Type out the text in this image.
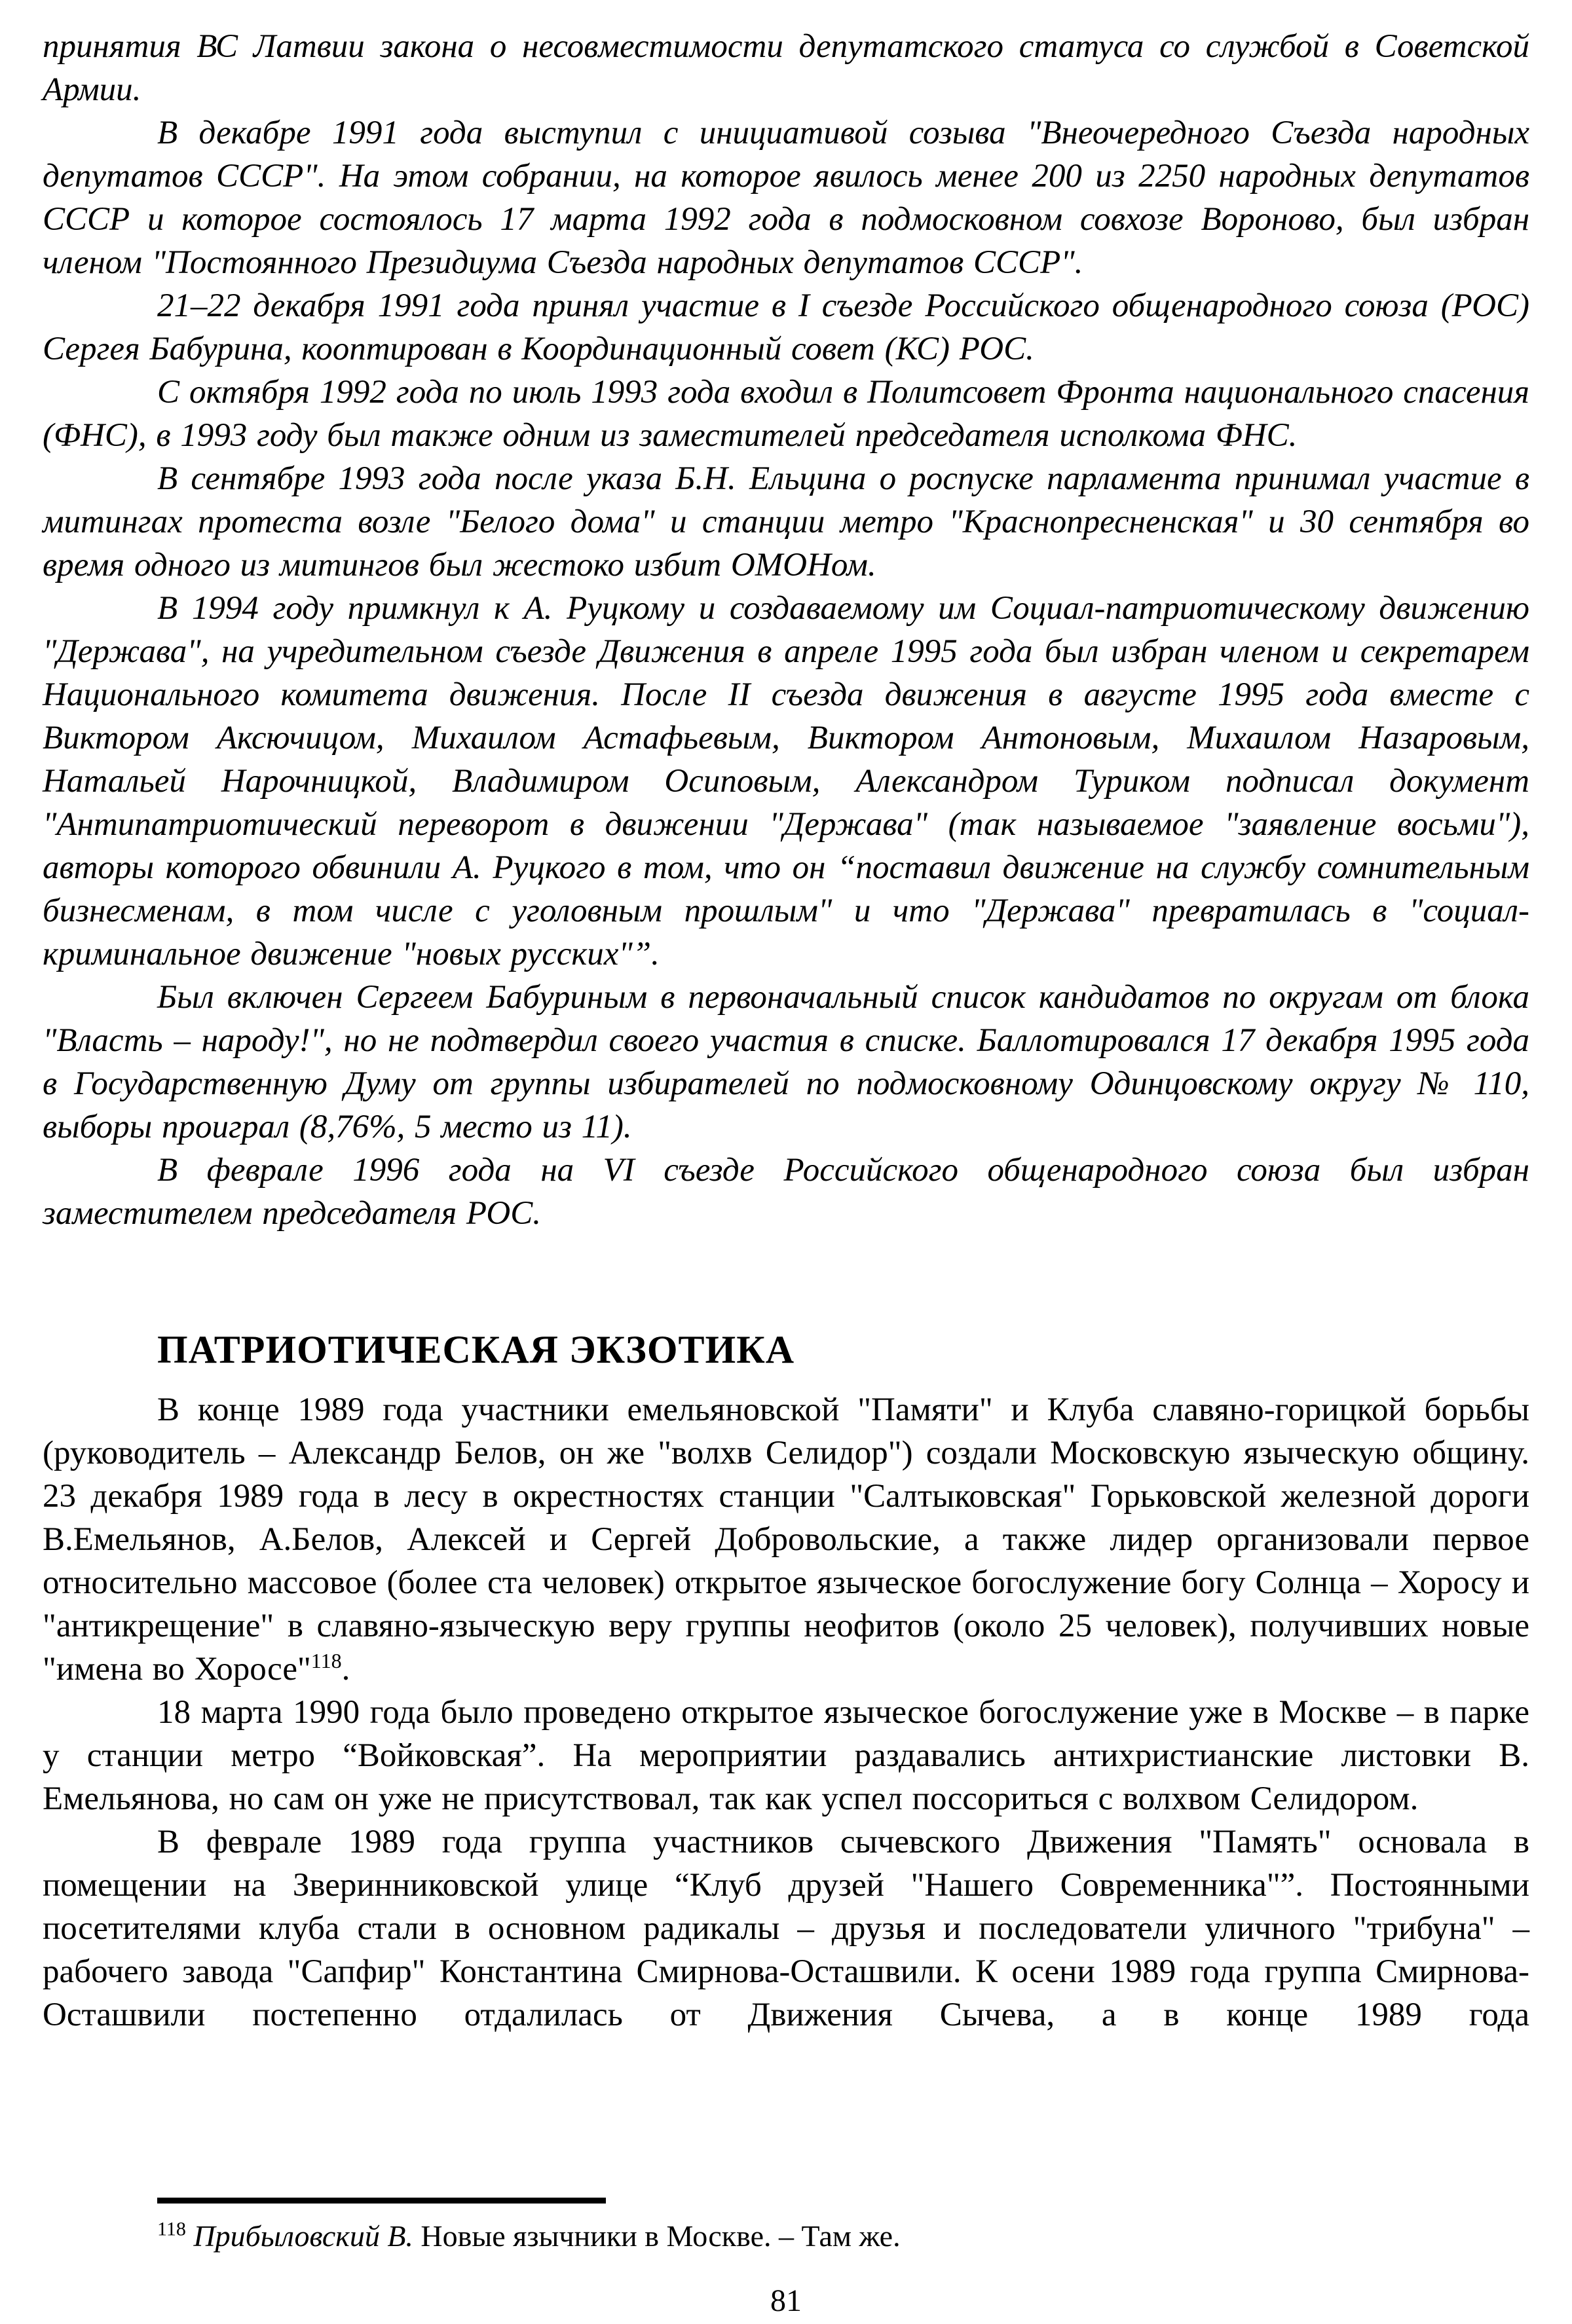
принятия ВС Латвии закона о несовместимости депутатского статуса со службой в Советской Армии.

В декабре 1991 года выступил с инициативой созыва "Внеочередного Съезда народных депутатов СССР". На этом собрании, на которое явилось менее 200 из 2250 народных депутатов СССР и которое состоялось 17 марта 1992 года в подмосковном совхозе Вороново, был избран членом "Постоянного Президиума Съезда народных депутатов СССР".

21–22 декабря 1991 года принял участие в I съезде Российского общенародного союза (РОС) Сергея Бабурина, кооптирован в Координационный совет (КС) РОС.

С октября 1992 года по июль 1993 года входил в Политсовет Фронта национального спасения (ФНС), в 1993 году был также одним из заместителей председателя исполкома ФНС.

В сентябре 1993 года после указа Б.Н. Ельцина о роспуске парламента принимал участие в митингах протеста возле "Белого дома" и станции метро "Краснопресненская" и 30 сентября во время одного из митингов был жестоко избит ОМОНом.

В 1994 году примкнул к А. Руцкому и создаваемому им Социал-патриотическому движению "Держава", на учредительном съезде Движения в апреле 1995 года был избран членом и секретарем Национального комитета движения. После II съезда движения в августе 1995 года вместе с Виктором Аксючицом, Михаилом Астафьевым, Виктором Антоновым, Михаилом Назаровым, Натальей Нарочницкой, Владимиром Осиповым, Александром Туриком подписал документ "Антипатриотический переворот в движении "Держава" (так называемое "заявление восьми"), авторы которого обвинили А. Руцкого в том, что он “поставил движение на службу сомнительным бизнесменам, в том числе с уголовным прошлым" и что "Держава" превратилась в "социал-криминальное движение "новых русских"”.

Был включен Сергеем Бабуриным в первоначальный список кандидатов по округам от блока "Власть – народу!", но не подтвердил своего участия в списке. Баллотировался 17 декабря 1995 года в Государственную Думу от группы избирателей по подмосковному Одинцовскому округу № 110, выборы проиграл (8,76%, 5 место из 11).

В феврале 1996 года на VI съезде Российского общенародного союза был избран заместителем председателя РОС.

ПАТРИОТИЧЕСКАЯ ЭКЗОТИКА

В конце 1989 года участники емельяновской "Памяти" и Клуба славяно-горицкой борьбы (руководитель – Александр Белов, он же "волхв Селидор") создали Московскую языческую общину. 23 декабря 1989 года в лесу в окрестностях станции "Салтыковская" Горьковской железной дороги В.Емельянов, А.Белов, Алексей и Сергей Добровольские, а также лидер организовали первое относительно массовое (более ста человек) открытое языческое богослужение богу Солнца – Хоросу и "антикрещение" в славяно-языческую веру группы неофитов (около 25 человек), получивших новые "имена во Хоросе"$^{118}$.

18 марта 1990 года было проведено открытое языческое богослужение уже в Москве – в парке у станции метро “Войковская”. На мероприятии раздавались антихристианские листовки В. Емельянова, но сам он уже не присутствовал, так как успел поссориться с волхвом Селидором.

В феврале 1989 года группа участников сычевского Движения "Память" основала в помещении на Зверинниковской улице “Клуб друзей "Нашего Современника"”. Постоянными посетителями клуба стали в основном радикалы – друзья и последователи уличного "трибуна" – рабочего завода "Сапфир" Константина Смирнова-Осташвили. К осени 1989 года группа Смирнова-Осташвили постепенно отдалилась от Движения Сычева, а в конце 1989 года

$^{118}$ Прибыловский В. Новые язычники в Москве. – Там же.

81
